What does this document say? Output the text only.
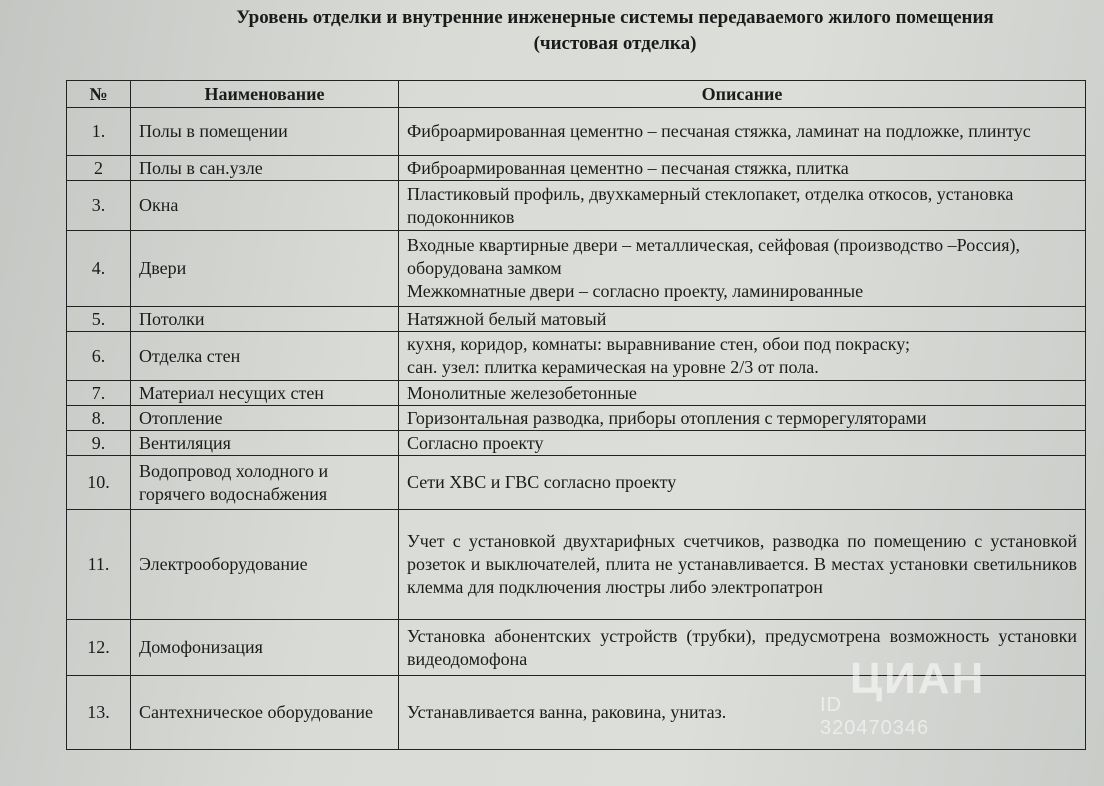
Уровень отделки и внутренние инженерные системы передаваемого жилого помещения
(чистовая отделка)
№	Наименование	Описание
1.	Полы в помещении	Фиброармированная цементно – песчаная стяжка, ламинат на подложке, плинтус
2	Полы в сан.узле	Фиброармированная цементно – песчаная стяжка, плитка
3.	Окна	Пластиковый профиль, двухкамерный стеклопакет, отделка откосов, установка подоконников
4.	Двери	Входные квартирные двери – металлическая, сейфовая (производство –Россия), оборудована замком
Межкомнатные двери – согласно проекту, ламинированные
5.	Потолки	Натяжной белый матовый
6.	Отделка стен	кухня, коридор, комнаты: выравнивание стен, обои под покраску;
сан. узел: плитка керамическая на уровне 2/3 от пола.
7.	Материал несущих стен	Монолитные железобетонные
8.	Отопление	Горизонтальная разводка, приборы отопления с терморегуляторами
9.	Вентиляция	Согласно проекту
10.	Водопровод холодного и горячего водоснабжения	Сети ХВС и ГВС согласно проекту
11.	Электрооборудование	Учет с установкой двухтарифных счетчиков, разводка по помещению с установкой розеток и выключателей, плита не устанавливается. В местах установки светильников клемма для подключения люстры либо электропатрон
12.	Домофонизация	Установка абонентских устройств (трубки), предусмотрена возможность установки видеодомофона
13.	Сантехническое оборудование	Устанавливается ванна, раковина, унитаз.
ЦИАН
ID 320470346
